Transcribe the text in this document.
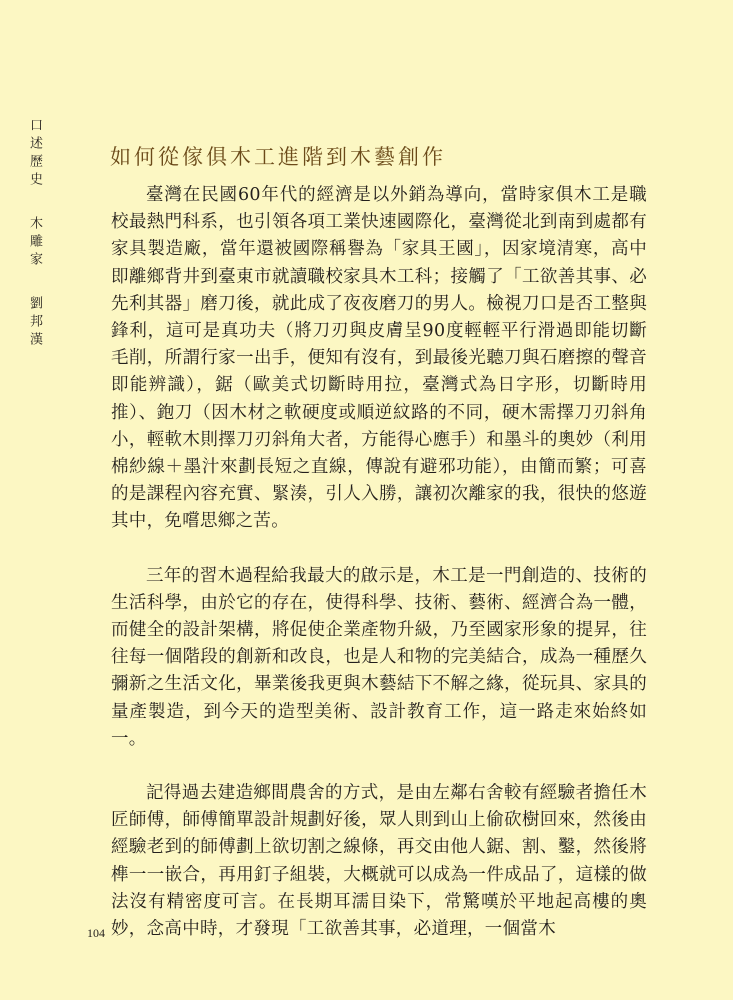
口述歷史木雕家劉邦漢
如何從傢俱木工進階到木藝創作

臺灣在民國60年代的經濟是以外銷為導向，當時家俱木工是職校最熱門科系，也引領各項工業快速國際化，臺灣從北到南到處都有家具製造廠，當年還被國際稱譽為「家具王國」，因家境清寒，高中即離鄉背井到臺東市就讀職校家具木工科；接觸了「工欲善其事、必先利其器」磨刀後，就此成了夜夜磨刀的男人。檢視刀口是否工整與鋒利，這可是真功夫（將刀刃與皮膚呈90度輕輕平行滑過即能切斷毛削，所謂行家一出手，便知有沒有，到最後光聽刀與石磨擦的聲音即能辨識），鋸（歐美式切斷時用拉，臺灣式為日字形，切斷時用推）、鉋刀（因木材之軟硬度或順逆紋路的不同，硬木需擇刀刃斜角小，輕軟木則擇刀刃斜角大者，方能得心應手）和墨斗的奧妙（利用棉紗線＋墨汁來劃長短之直線，傳說有避邪功能），由簡而繁；可喜的是課程內容充實、緊湊，引人入勝，讓初次離家的我，很快的悠遊其中，免嚐思鄉之苦。

三年的習木過程給我最大的啟示是，木工是一門創造的、技術的生活科學，由於它的存在，使得科學、技術、藝術、經濟合為一體，而健全的設計架構，將促使企業產物升級，乃至國家形象的提昇，往往每一個階段的創新和改良，也是人和物的完美結合，成為一種歷久彌新之生活文化，畢業後我更與木藝結下不解之緣，從玩具、家具的量產製造，到今天的造型美術、設計教育工作，這一路走來始終如一。

記得過去建造鄉間農舍的方式，是由左鄰右舍較有經驗者擔任木匠師傅，師傅簡單設計規劃好後，眾人則到山上偷砍樹回來，然後由經驗老到的師傅劃上欲切割之線條，再交由他人鋸、割、鑿，然後將榫一一嵌合，再用釘子組裝，大概就可以成為一件成品了，這樣的做法沒有精密度可言。在長期耳濡目染下，常驚嘆於平地起高樓的奧妙，念高中時，才發現「工欲善其事，必道理，一個當木

104
